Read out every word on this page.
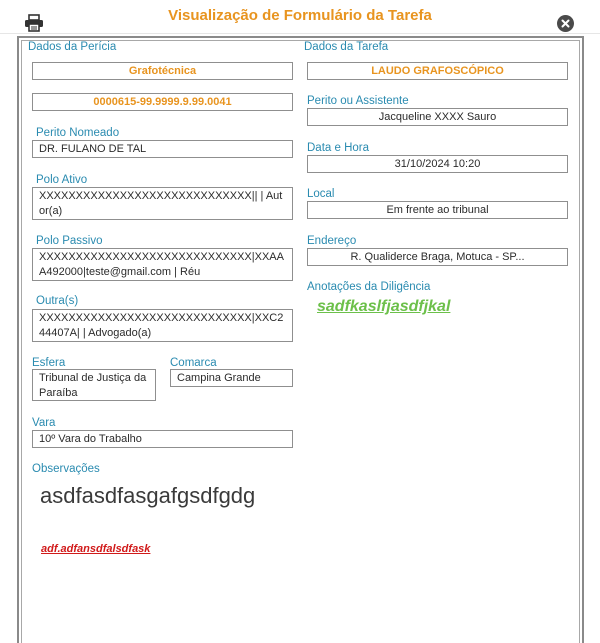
Visualização de Formulário da Tarefa
Dados da Perícia
Grafotécnica
0000615-99.9999.9.99.0041
Perito Nomeado
DR. FULANO DE TAL
Polo Ativo
XXXXXXXXXXXXXXXXXXXXXXXXXXXXX|| | Autor(a)
Polo Passivo
XXXXXXXXXXXXXXXXXXXXXXXXXXXXX|XXAAA492000|teste@gmail.com | Réu
Outra(s)
XXXXXXXXXXXXXXXXXXXXXXXXXXXXX|XXC244407A| | Advogado(a)
Esfera
Tribunal de Justiça da Paraíba
Comarca
Campina Grande
Vara
10º Vara do Trabalho
Observações
asdfasdfasgafgsdfgdg
adf.adfansdfalsdfask
Dados da Tarefa
LAUDO GRAFOSCÓPICO
Perito ou Assistente
Jacqueline XXXX Sauro
Data e Hora
31/10/2024 10:20
Local
Em frente ao tribunal
Endereço
R. Qualiderce Braga, Motuca - SP...
Anotações da Diligência
sadfkaslfjasdfjkal
